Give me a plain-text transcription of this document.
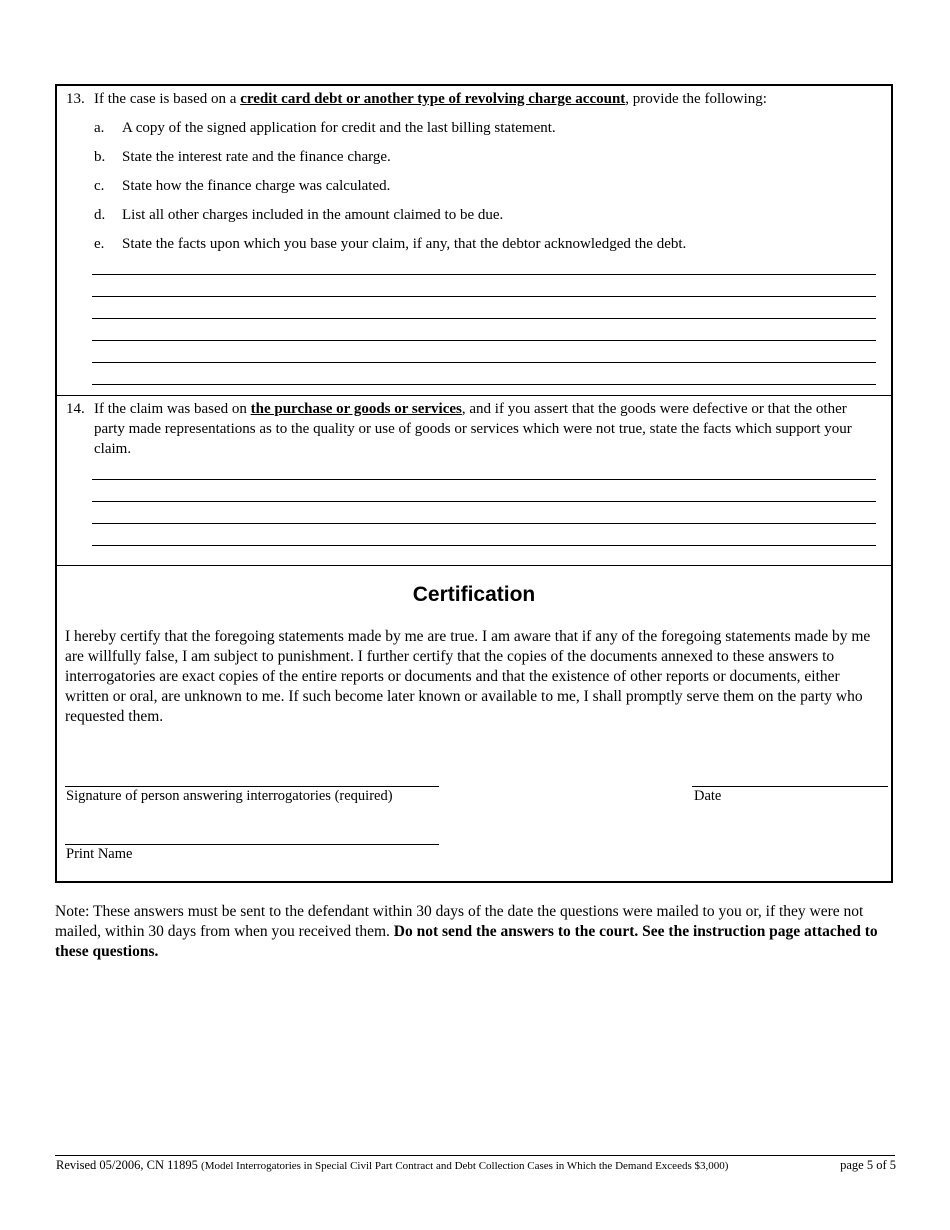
13. If the case is based on a credit card debt or another type of revolving charge account, provide the following:
a. A copy of the signed application for credit and the last billing statement.
b. State the interest rate and the finance charge.
c. State how the finance charge was calculated.
d. List all other charges included in the amount claimed to be due.
e. State the facts upon which you base your claim, if any, that the debtor acknowledged the debt.
14. If the claim was based on the purchase or goods or services, and if you assert that the goods were defective or that the other party made representations as to the quality or use of goods or services which were not true, state the facts which support your claim.
Certification
I hereby certify that the foregoing statements made by me are true. I am aware that if any of the foregoing statements made by me are willfully false, I am subject to punishment. I further certify that the copies of the documents annexed to these answers to interrogatories are exact copies of the entire reports or documents and that the existence of other reports or documents, either written or oral, are unknown to me. If such become later known or available to me, I shall promptly serve them on the party who requested them.
Signature of person answering interrogatories (required)	Date
Print Name
Note: These answers must be sent to the defendant within 30 days of the date the questions were mailed to you or, if they were not mailed, within 30 days from when you received them. Do not send the answers to the court. See the instruction page attached to these questions.
Revised 05/2006, CN 11895 (Model Interrogatories in Special Civil Part Contract and Debt Collection Cases in Which the Demand Exceeds $3,000)	page 5 of 5
